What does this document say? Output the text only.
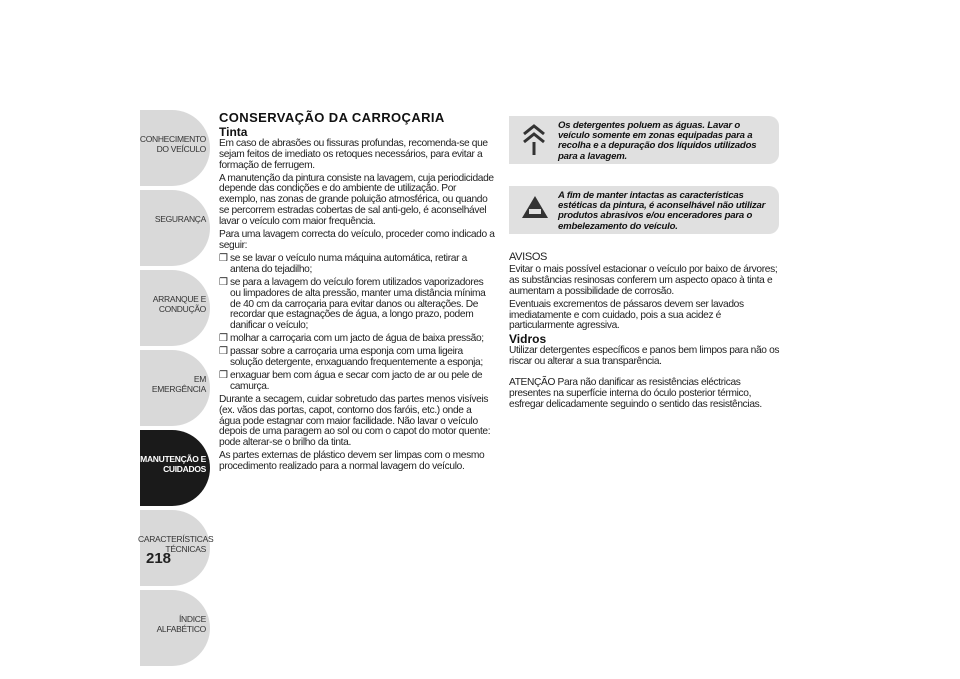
CONHECIMENTO DO VEÍCULO
SEGURANÇA
ARRANQUE E CONDUÇÃO
EM EMERGÊNCIA
MANUTENÇÃO E CUIDADOS
CARACTERÍSTICAS TÉCNICAS
ÍNDICE ALFABÉTICO
218
CONSERVAÇÃO DA CARROÇARIA
Tinta

Em caso de abrasões ou fissuras profundas, recomenda-se que sejam feitos de imediato os retoques necessários, para evitar a formação de ferrugem.

A manutenção da pintura consiste na lavagem, cuja periodicidade depende das condições e do ambiente de utilização. Por exemplo, nas zonas de grande poluição atmosférica, ou quando se percorrem estradas cobertas de sal anti-gelo, é aconselhável lavar o veículo com maior frequência.

Para uma lavagem correcta do veículo, proceder como indicado a seguir:

❒ se se lavar o veículo numa máquina automática, retirar a antena do tejadilho;
❒ se para a lavagem do veículo forem utilizados vaporizadores ou limpadores de alta pressão, manter uma distância mínima de 40 cm da carroçaria para evitar danos ou alterações. De recordar que estagnações de água, a longo prazo, podem danificar o veículo;
❒ molhar a carroçaria com um jacto de água de baixa pressão;
❒ passar sobre a carroçaria uma esponja com uma ligeira solução detergente, enxaguando frequentemente a esponja;
❒ enxaguar bem com água e secar com jacto de ar ou pele de camurça.

Durante a secagem, cuidar sobretudo das partes menos visíveis (ex. vãos das portas, capot, contorno dos faróis, etc.) onde a água pode estagnar com maior facilidade. Não lavar o veículo depois de uma paragem ao sol ou com o capot do motor quente: pode alterar-se o brilho da tinta.

As partes externas de plástico devem ser limpas com o mesmo procedimento realizado para a normal lavagem do veículo.

Os detergentes poluem as águas. Lavar o veículo somente em zonas equipadas para a recolha e a depuração dos líquidos utilizados para a lavagem.
A fim de manter intactas as características estéticas da pintura, é aconselhável não utilizar produtos abrasivos e/ou enceradores para o embelezamento do veículo.

AVISOS

Evitar o mais possível estacionar o veículo por baixo de árvores; as substâncias resinosas conferem um aspecto opaco à tinta e aumentam a possibilidade de corrosão.

Eventuais excrementos de pássaros devem ser lavados imediatamente e com cuidado, pois a sua acidez é particularmente agressiva.

Vidros

Utilizar detergentes específicos e panos bem limpos para não os riscar ou alterar a sua transparência.

ATENÇÃO Para não danificar as resistências eléctricas presentes na superfície interna do óculo posterior térmico, esfregar delicadamente seguindo o sentido das resistências.
